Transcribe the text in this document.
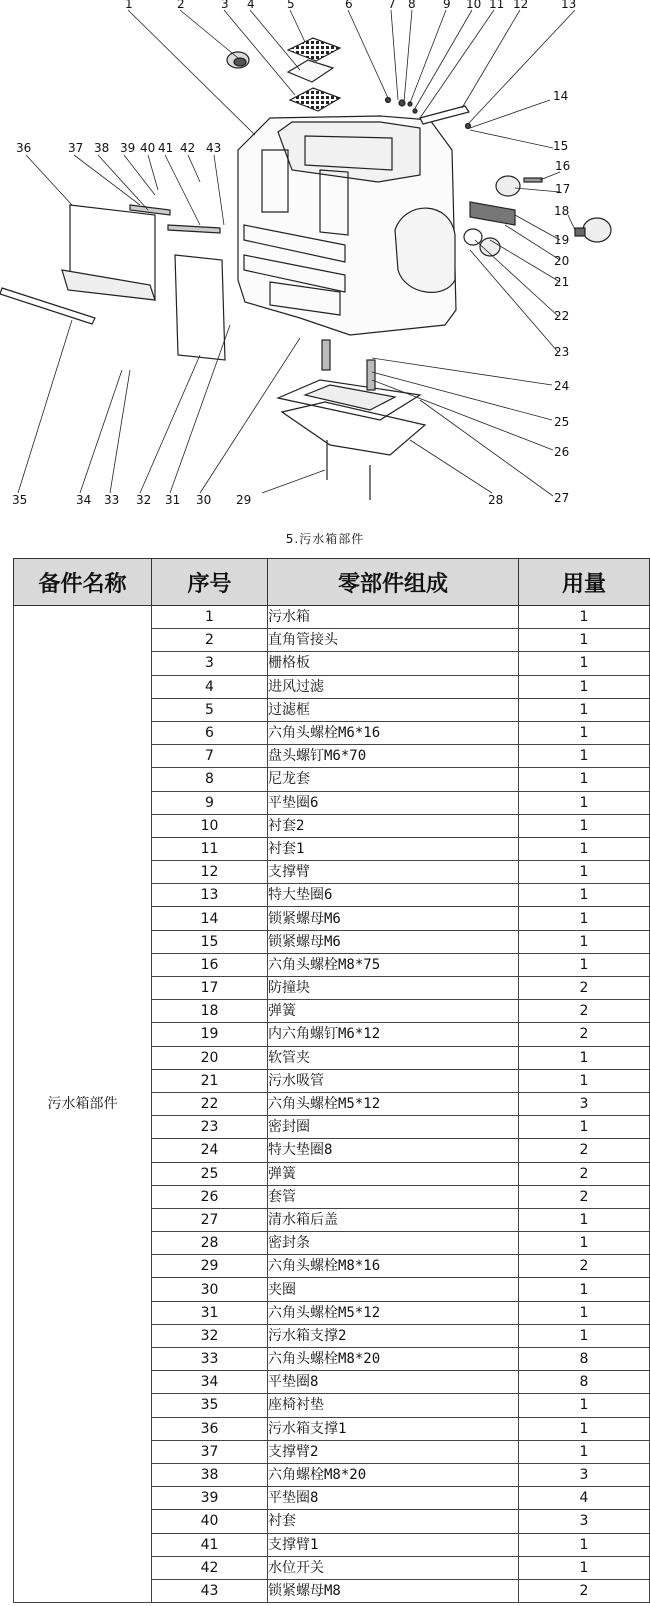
1	2	3 4	5	6	7 8 9 10 11 12	13
14
15
16
17
18
19
20
21
22
23
24
25
26
27
28
29
30
31
32
33
34
35
36	37 38 39 40 41 42 43
5.污水箱部件
备件名称	序号	零部件组成	用量
污水箱部件	1	污水箱	1
	2	直角管接头	1
	3	栅格板	1
	4	进风过滤	1
	5	过滤框	1
	6	六角头螺栓M6*16	1
	7	盘头螺钉M6*70	1
	8	尼龙套	1
	9	平垫圈6	1
	10	衬套2	1
	11	衬套1	1
	12	支撑臂	1
	13	特大垫圈6	1
	14	锁紧螺母M6	1
	15	锁紧螺母M6	1
	16	六角头螺栓M8*75	1
	17	防撞块	2
	18	弹簧	2
	19	内六角螺钉M6*12	2
	20	软管夹	1
	21	污水吸管	1
	22	六角头螺栓M5*12	3
	23	密封圈	1
	24	特大垫圈8	2
	25	弹簧	2
	26	套管	2
	27	清水箱后盖	1
	28	密封条	1
	29	六角头螺栓M8*16	2
	30	夹圈	1
	31	六角头螺栓M5*12	1
	32	污水箱支撑2	1
	33	六角头螺栓M8*20	8
	34	平垫圈8	8
	35	座椅衬垫	1
	36	污水箱支撑1	1
	37	支撑臂2	1
	38	六角螺栓M8*20	3
	39	平垫圈8	4
	40	衬套	3
	41	支撑臂1	1
	42	水位开关	1
	43	锁紧螺母M8	2
